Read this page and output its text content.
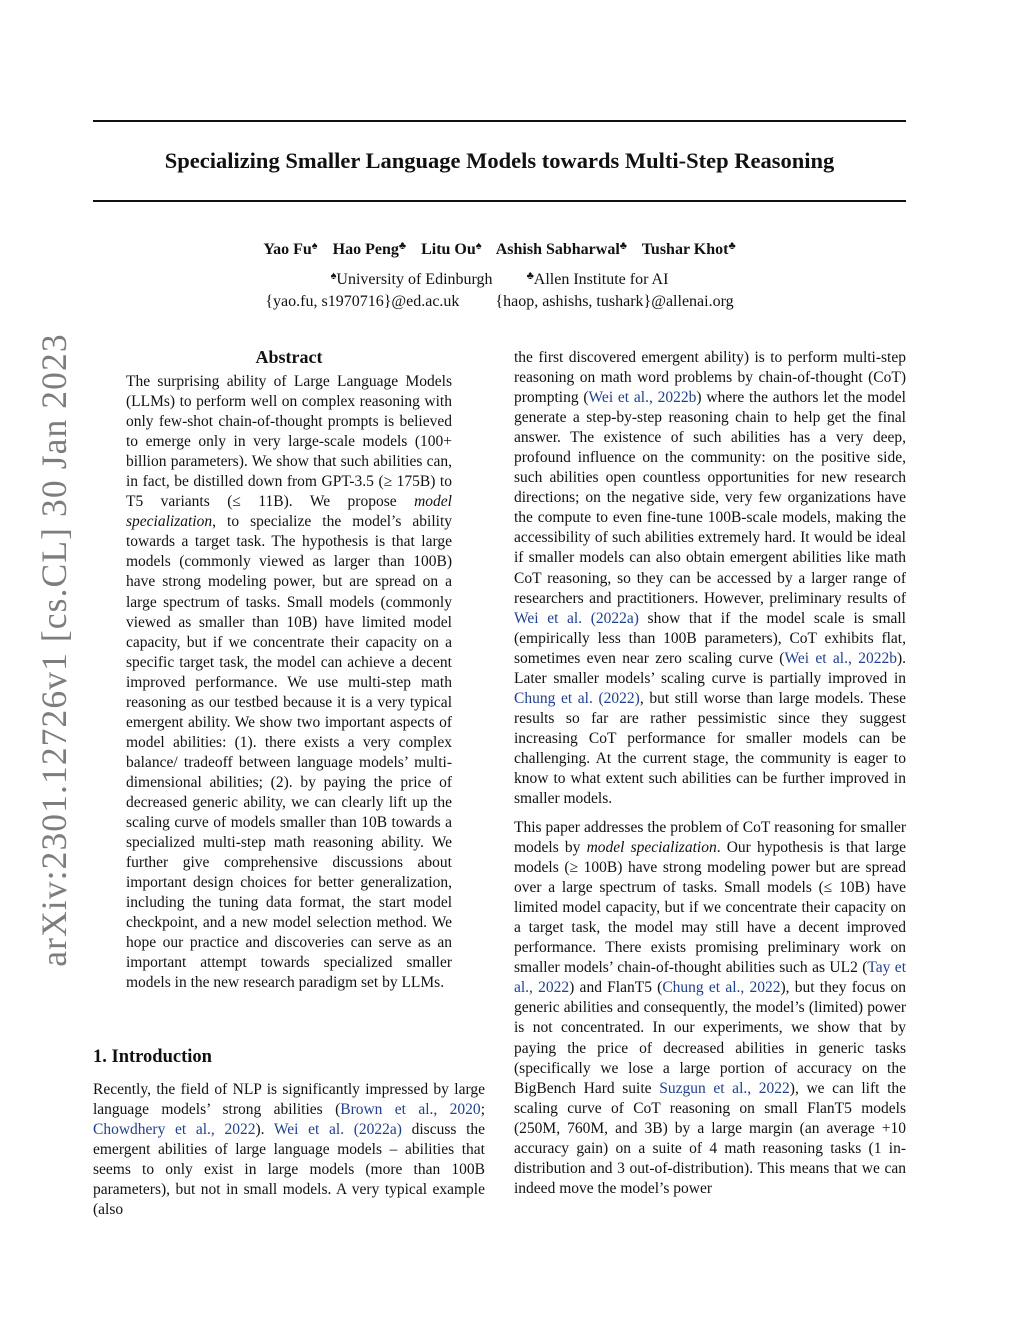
Specializing Smaller Language Models towards Multi-Step Reasoning
Yao Fu♠ Hao Peng♣ Litu Ou♠ Ashish Sabharwal♣ Tushar Khot♣
♠University of Edinburgh	♣Allen Institute for AI
{yao.fu, s1970716}@ed.ac.uk {haop, ashishs, tushark}@allenai.org
arXiv:2301.12726v1 [cs.CL] 30 Jan 2023	Abstract

The surprising ability of Large Language Models (LLMs) to perform well on complex reasoning with only few-shot chain-of-thought prompts is believed to emerge only in very large-scale models (100+ billion parameters). We show that such abilities can, in fact, be distilled down from GPT-3.5 (≥ 175B) to T5 variants (≤ 11B). We propose model specialization, to specialize the model’s ability towards a target task. The hypothesis is that large models (commonly viewed as larger than 100B) have strong modeling power, but are spread on a large spectrum of tasks. Small models (commonly viewed as smaller than 10B) have limited model capacity, but if we concentrate their capacity on a specific target task, the model can achieve a decent improved performance. We use multi-step math reasoning as our testbed because it is a very typical emergent ability. We show two important aspects of model abilities: (1). there exists a very complex balance/ tradeoff between language models’ multi-dimensional abilities; (2). by paying the price of decreased generic ability, we can clearly lift up the scaling curve of models smaller than 10B towards a specialized multi-step math reasoning ability. We further give comprehensive discussions about important design choices for better generalization, including the tuning data format, the start model checkpoint, and a new model selection method. We hope our practice and discoveries can serve as an important attempt towards specialized smaller models in the new research paradigm set by LLMs.

1. Introduction

Recently, the field of NLP is significantly impressed by large language models’ strong abilities (Brown et al., 2020; Chowdhery et al., 2022). Wei et al. (2022a) discuss the emergent abilities of large language models – abilities that seems to only exist in large models (more than 100B parameters), but not in small models. A very typical example (also

the first discovered emergent ability) is to perform multi-step reasoning on math word problems by chain-of-thought (CoT) prompting (Wei et al., 2022b) where the authors let the model generate a step-by-step reasoning chain to help get the final answer. The existence of such abilities has a very deep, profound influence on the community: on the positive side, such abilities open countless opportunities for new research directions; on the negative side, very few organizations have the compute to even fine-tune 100B-scale models, making the accessibility of such abilities extremely hard. It would be ideal if smaller models can also obtain emergent abilities like math CoT reasoning, so they can be accessed by a larger range of researchers and practitioners. However, preliminary results of Wei et al. (2022a) show that if the model scale is small (empirically less than 100B parameters), CoT exhibits flat, sometimes even near zero scaling curve (Wei et al., 2022b). Later smaller models’ scaling curve is partially improved in Chung et al. (2022), but still worse than large models. These results so far are rather pessimistic since they suggest increasing CoT performance for smaller models can be challenging. At the current stage, the community is eager to know to what extent such abilities can be further improved in smaller models.

This paper addresses the problem of CoT reasoning for smaller models by model specialization. Our hypothesis is that large models (≥ 100B) have strong modeling power but are spread over a large spectrum of tasks. Small models (≤ 10B) have limited model capacity, but if we concentrate their capacity on a target task, the model may still have a decent improved performance. There exists promising preliminary work on smaller models’ chain-of-thought abilities such as UL2 (Tay et al., 2022) and FlanT5 (Chung et al., 2022), but they focus on generic abilities and consequently, the model’s (limited) power is not concentrated. In our experiments, we show that by paying the price of decreased abilities in generic tasks (specifically we lose a large portion of accuracy on the BigBench Hard suite Suzgun et al., 2022), we can lift the scaling curve of CoT reasoning on small FlanT5 models (250M, 760M, and 3B) by a large margin (an average +10 accuracy gain) on a suite of 4 math reasoning tasks (1 in-distribution and 3 out-of-distribution). This means that we can indeed move the model’s power
